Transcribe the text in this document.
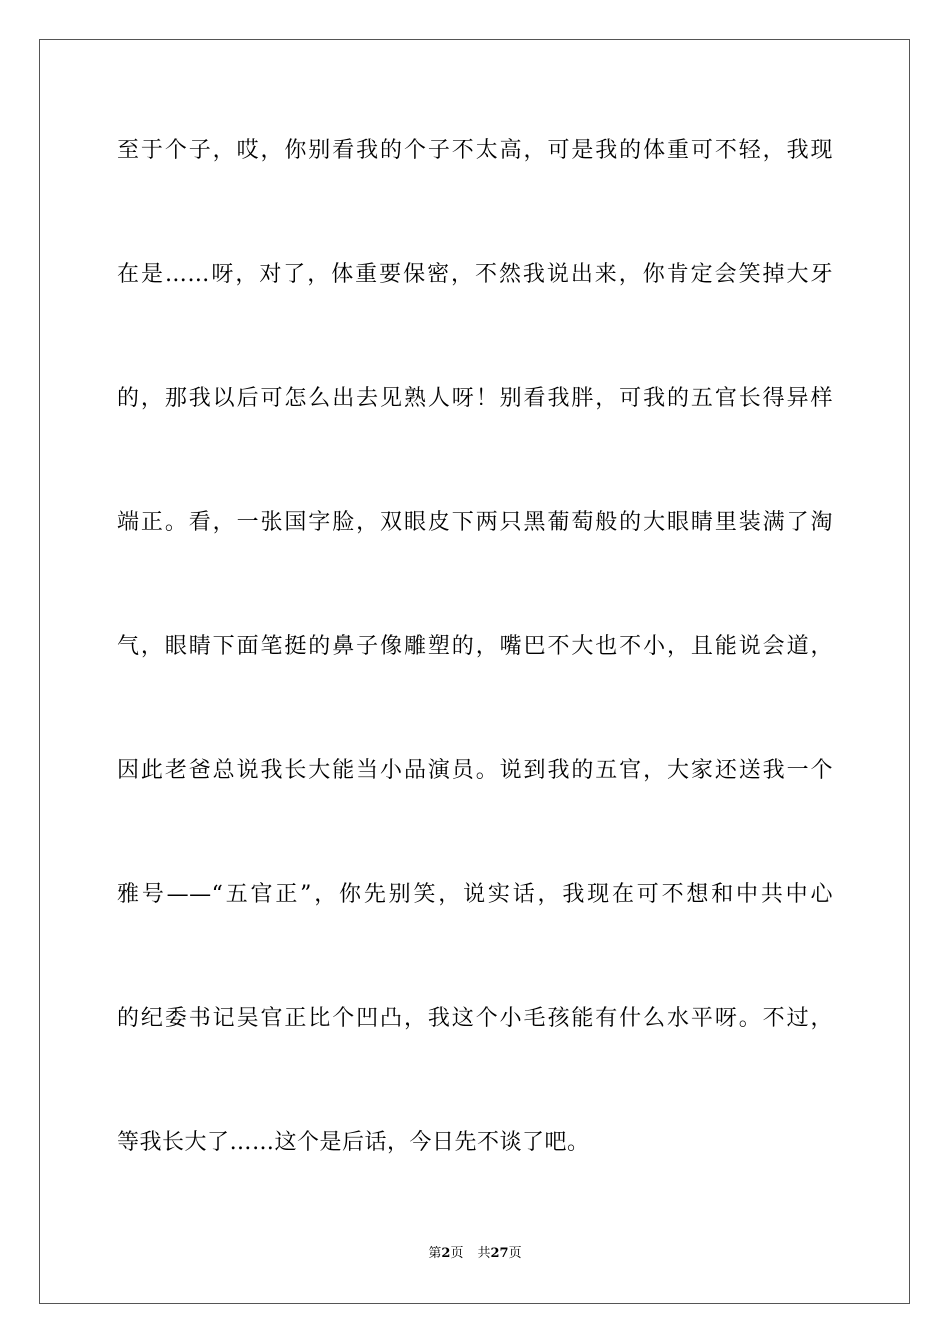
至于个子，哎，你别看我的个子不太高，可是我的体重可不轻，我现
在是……呀，对了，体重要保密，不然我说出来，你肯定会笑掉大牙
的，那我以后可怎么出去见熟人呀！别看我胖，可我的五官长得异样
端正。看，一张国字脸，双眼皮下两只黑葡萄般的大眼睛里装满了淘
气，眼睛下面笔挺的鼻子像雕塑的，嘴巴不大也不小，且能说会道，
因此老爸总说我长大能当小品演员。说到我的五官，大家还送我一个
雅号——“五官正”，你先别笑，说实话，我现在可不想和中共中心
的纪委书记吴官正比个凹凸，我这个小毛孩能有什么水平呀。不过，
等我长大了……这个是后话，今日先不谈了吧。
第2页 共27页
